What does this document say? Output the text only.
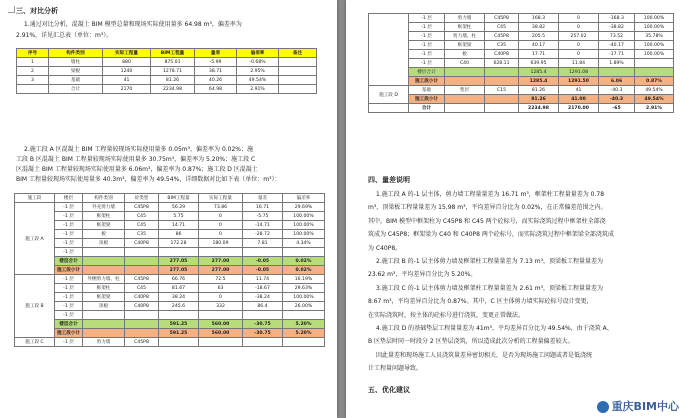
三、对比分析
1.通过对比分析，混凝土 BIM 模型总量和现场实际使用量多 64.98 m³，偏差率为
2.91%，详见汇总表（单位：m³）。
序号	构件类别	实际工程量	BIM工程量	量差	偏差率	备注
1	墙柱	880	875.01	-5.99	-0.68%	
2	梁板	1240	1278.71	38.71	2.95%	
3	基础	41	81.26	40.26	49.54%	
	合计	2170	2234.98	64.98	2.91%	
2.施工段 A 区混凝土 BIM 工程量较现场实际使用量多 0.05m³，偏差率为 0.02%；施
工段 B 区混凝土 BIM 工程量较现场实际使用量多 30.75m³，偏差率为 5.20%；施工段 C
区混凝土 BIM 工程量较现场实际使用量多 6.06m³，偏差率为 0.87%；施工段 D 区混凝土
BIM 工程量较现场实际使用量多 40.3m³，偏差率为 49.54%，详细数据对比如下表（单位：m³）：
施工段	楼层	构件类别	砼类型	BIM工程量	实际工程量	量差	偏差率
施工段 A	-1 层	外壳剪力墙	C45P8	56.29	73.86	16.71	29.69%
	-1 层	框架柱	C45	5.75	0	-5.75	100.00%
	-1 层	框架梁	C45	14.71	0	-14.71	100.00%
	-1 层	板	C35	86	0	-28.72	100.00%
	-1 层	顶板	C40P8	172.28	180.09	7.81	4.34%
	-1 层						
	楼层合计			277.05	277.00	-0.05	0.02%
	施工段小计			277.05	277.00	-0.05	0.02%
施工段 B	-1 层	外侧剪力墙、柱	C45P8	66.76	72.5	11.74	16.19%
	-1 层	框架柱	C45	81.67	63	-18.67	29.63%
	-1 层	框架梁	C40P8	38.24	0	-38.24	100.00%
	-1 层	顶板	C40P8	245.6	332	86.4	26.00%
	-1 层						
	楼层合计			591.25	560.00	-30.75	5.20%
	施工段小计			591.25	560.00	-30.75	5.20%
施工段 C	-1 层	剪力墙	C45P8				
	-1 层	剪力墙	C45P8	168.3	0	-168.3	100.00%
	-1 层	框架柱	C45	38.82	0	-38.82	100.00%
	-1 层	剪力墙、柱	C45P8	205.5	257.02	73.52	35.78%
	-1 层	框架梁	C35	40.17	0	-40.17	100.00%
	-1 层	板	C40P8	17.71	0	-17.71	100.00%
	-1 层	C40	628.11	639.95	11.84	1.89%	
	楼层合计			1285.4	1291.08		
	施工段小计			1285.4	1291.50	6.06	0.87%
施工段 D	基础	垫层	C15	81.26	41	-40.3	49.54%
	施工段小计			81.26	41.00	-40.3	49.54%
	合计			2234.98	2170.00	-65	2.91%
四、量差说明
1.施工段 A 的-1 层主体，剪力墙工程量量差为 16.71 m³，框架柱工程量量差为 0.78
m³，顶梁板工程量量差为 15.98 m³，平均差异百分比为 0.02%，在正常偏差范围之内。
其中，BIM 模型中框架柱为 C45P8 和 C45 两个砼标号，而实际浇筑过程中框架柱全部浇
筑成为 C45P8；框架梁为 C40 和 C40P8 两个砼标号，而实际浇筑过程中框架梁全部浇筑成
为 C40P8。
2.施工段 B 的-1 层主体剪力墙及框架柱工程量量差为 7.13 m³，顶梁板工程量量差为
23.62 m³，平均差异百分比为 5.20%。
3.施工段 C 的-1 层主体剪力墙及框架柱工程量量差为 2.61 m³，顶梁板工程量量差为
8.67 m³，平均差异百分比为 0.87%。其中，C 区主体剪力墙实际砼标号设计变更，
在实际浇筑时，按主体的砼标号进行浇筑，变更正常做法。
4.施工段 D 的基础垫层工程量量差为 41m³，平均差异百分比为 49.54%，由于浇筑 A、
B 区垫层时同一时段分 2 区垫层浇筑，所以造成此次分析的工程量偏差较大。
因此量差和现场施工人员浇筑量差异密切相关，是否为现场施工问题或者是低浇统
计工程量问题导致。
五、优化建议
重庆BIM中心
